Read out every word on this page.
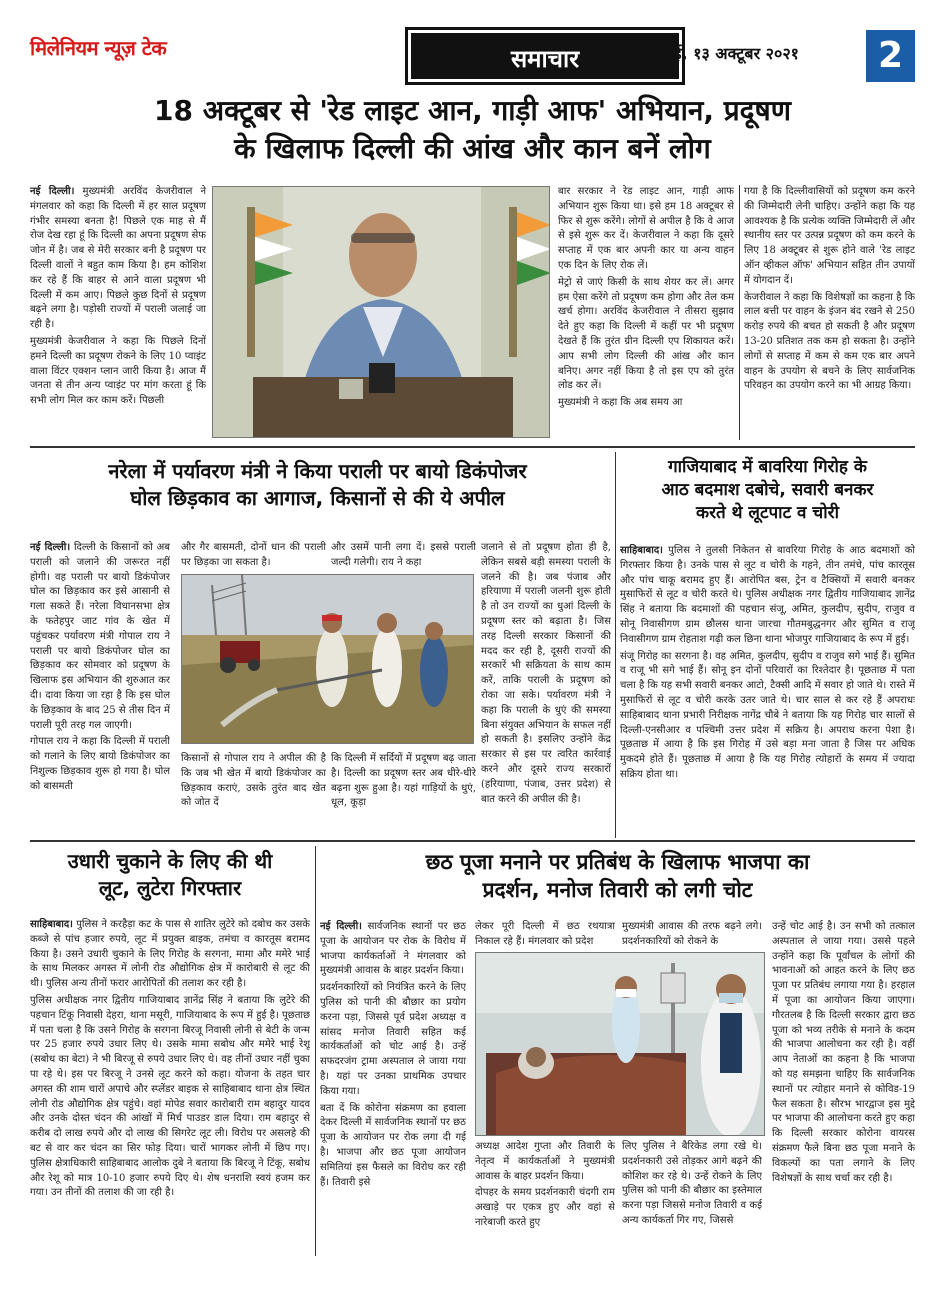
मिलेनियम न्यूज़ टेक	समाचार	मुंबई, १३ अक्टूबर २०२१	2
18 अक्टूबर से 'रेड लाइट आन, गाड़ी आफ' अभियान, प्रदूषण
के खिलाफ दिल्ली की आंख और कान बनें लोग

नई दिल्ली। मुख्यमंत्री अरविंद केजरीवाल ने मंगलवार को कहा कि दिल्ली में हर साल प्रदूषण गंभीर समस्या बनता है! पिछले एक माह से मैं रोज देख रहा हूं कि दिल्ली का अपना प्रदूषण सेफ जोन में है। जब से मेरी सरकार बनी है प्रदूषण पर दिल्ली वालों ने बहुत काम किया है। हम कोशिश कर रहे हैं कि बाहर से आने वाला प्रदूषण भी दिल्ली में कम आए। पिछले कुछ दिनों से प्रदूषण बढ़ने लगा है। पड़ोसी राज्यों में पराली जलाई जा रही है।

मुख्यमंत्री केजरीवाल ने कहा कि पिछले दिनों हमने दिल्ली का प्रदूषण रोकने के लिए 10 प्वाइंट वाला विंटर एक्शन प्लान जारी किया है। आज मैं जनता से तीन अन्य प्वाइंट पर मांग करता हूं कि सभी लोग मिल कर काम करें। पिछली

बार सरकार ने रेड लाइट आन, गाड़ी आफ अभियान शुरू किया था। इसे हम 18 अक्टूबर से फिर से शुरू करेंगे। लोगों से अपील है कि वे आज से इसे शुरू कर दें। केजरीवाल ने कहा कि दूसरे सप्ताह में एक बार अपनी कार या अन्य वाहन एक दिन के लिए रोक लें।

मेट्रो से जाएं किसी के साथ शेयर कर लें। अगर हम ऐसा करेंगे तो प्रदूषण कम होगा और तेल कम खर्च होगा। अरविंद केजरीवाल ने तीसरा सुझाव देते हुए कहा कि दिल्ली में कहीं पर भी प्रदूषण देखते हैं कि तुरंत ग्रीन दिल्ली एप शिकायत करें। आप सभी लोग दिल्ली की आंख और कान बनिए। अगर नहीं किया है तो इस एप को तुरंत लोड कर लें।

मुख्यमंत्री ने कहा कि अब समय आ

गया है कि दिल्लीवासियों को प्रदूषण कम करने की जिम्मेदारी लेनी चाहिए। उन्होंने कहा कि यह आवश्यक है कि प्रत्येक व्यक्ति जिम्मेदारी लें और स्थानीय स्तर पर उत्पन्न प्रदूषण को कम करने के लिए 18 अक्टूबर से शुरू होने वाले 'रेड लाइट ऑन व्हीकल ऑफ' अभियान सहित तीन उपायों में योगदान दें।

केजरीवाल ने कहा कि विशेषज्ञों का कहना है कि लाल बत्ती पर वाहन के इंजन बंद रखने से 250 करोड़ रुपये की बचत हो सकती है और प्रदूषण 13-20 प्रतिशत तक कम हो सकता है। उन्होंने लोगों से सप्ताह में कम से कम एक बार अपने वाहन के उपयोग से बचने के लिए सार्वजनिक परिवहन का उपयोग करने का भी आग्रह किया।

नरेला में पर्यावरण मंत्री ने किया पराली पर बायो डिकंपोजर
घोल छिड़काव का आगाज, किसानों से की ये अपील

नई दिल्ली। दिल्ली के किसानों को अब पराली को जलाने की जरूरत नहीं होगी। वह पराली पर बायो डिकंपोजर घोल का छिड़काव कर इसे आसानी से गला सकते हैं। नरेला विधानसभा क्षेत्र के फतेहपुर जाट गांव के खेत में पहुंचकर पर्यावरण मंत्री गोपाल राय ने पराली पर बायो डिकंपोजर घोल का छिड़काव कर सोमवार को प्रदूषण के खिलाफ इस अभियान की शुरुआत कर दी। दावा किया जा रहा है कि इस घोल के छिड़काव के बाद 25 से तीस दिन में पराली पूरी तरह गल जाएगी।

गोपाल राय ने कहा कि दिल्ली में पराली को गलाने के लिए बायो डिकंपोजर का निशुल्क छिड़काव शुरू हो गया है। घोल को बासमती

और गैर बासमती, दोनों धान की पराली पर छिड़का जा सकता है।
और उसमें पानी लगा दें। इससे पराली जल्दी गलेगी। राय ने कहा
किसानों से गोपाल राय ने अपील की है कि जब भी खेत में बायो डिकंपोजर का छिड़काव कराएं, उसके तुरंत बाद खेत को जोत दें
कि दिल्ली में सर्दियों में प्रदूषण बढ़ जाता है। दिल्ली का प्रदूषण स्तर अब धीरे-धीरे बढ़ना शुरू हुआ है। यहां गाड़ियों के धुएं, धूल, कूड़ा
जलाने से तो प्रदूषण होता ही है, लेकिन सबसे बड़ी समस्या पराली के जलने की है। जब पंजाब और हरियाणा में पराली जलनी शुरू होती है तो उन राज्यों का धुआं दिल्ली के प्रदूषण स्तर को बढ़ाता है। जिस तरह दिल्ली सरकार किसानों की मदद कर रही है, दूसरी राज्यों की सरकारें भी सक्रियता के साथ काम करें, ताकि पराली के प्रदूषण को रोका जा सके। पर्यावरण मंत्री ने कहा कि पराली के धुएं की समस्या बिना संयुक्त अभियान के सफल नहीं हो सकती है। इसलिए उन्होंने केंद्र सरकार से इस पर त्वरित कार्रवाई करने और दूसरे राज्य सरकारों (हरियाणा, पंजाब, उत्तर प्रदेश) से बात करने की अपील की है।
गाजियाबाद में बावरिया गिरोह के
आठ बदमाश दबोचे, सवारी बनकर
करते थे लूटपाट व चोरी

साहिबाबाद। पुलिस ने तुलसी निकेतन से बावरिया गिरोह के आठ बदमाशों को गिरफ्तार किया है। उनके पास से लूट व चोरी के गहने, तीन तमंचे, पांच कारतूस और पांच चाकू बरामद हुए हैं। आरोपित बस, ट्रेन व टैक्सियों में सवारी बनकर मुसाफिरों से लूट व चोरी करते थे। पुलिस अधीक्षक नगर द्वितीय गाजियाबाद ज्ञानेंद्र सिंह ने बताया कि बदमाशों की पहचान संजू, अमित, कुलदीप, सुदीप, राजुव व सोनू निवासीगण ग्राम छौलस थाना जारचा गौतमबुद्धनगर और सुमित व राजू निवासीगण ग्राम रोहताश गढ़ी कल छिना थाना भोजपुर गाजियाबाद के रूप में हुई।

संजू गिरोह का सरगना है। वह अमित, कुलदीप, सुदीप व राजुव सगे भाई हैं। सुमित व राजू भी सगे भाई हैं। सोनू इन दोनों परिवारों का रिश्तेदार है। पूछताछ में पता चला है कि यह सभी सवारी बनकर आटो, टैक्सी आदि में सवार हो जाते थे। रास्ते में मुसाफिरों से लूट व चोरी करके उतर जाते थे। चार साल से कर रहे हैं अपराधः साहिबाबाद थाना प्रभारी निरीक्षक नागेंद्र चौबे ने बताया कि यह गिरोह चार सालों से दिल्ली-एनसीआर व पश्चिमी उत्तर प्रदेश में सक्रिय है। अपराध करना पेशा है। पूछताछ में आया है कि इस गिरोह में उसे बड़ा मना जाता है जिस पर अधिक मुकदमे होते हैं। पूछताछ में आया है कि यह गिरोह त्योहारों के समय में ज्यादा सक्रिय होता था।

उधारी चुकाने के लिए की थी
लूट, लुटेरा गिरफ्तार

साहिबाबाद। पुलिस ने करहैड़ा कट के पास से शातिर लुटेरे को दबोच कर उसके कब्जे से पांच हजार रुपये, लूट में प्रयुक्त बाइक, तमंचा व कारतूस बरामद किया है। उसने उधारी चुकाने के लिए गिरोह के सरगना, मामा और ममेरे भाई के साथ मिलकर अगस्त में लोनी रोड औद्योगिक क्षेत्र में कारोबारी से लूट की थी। पुलिस अन्य तीनों फरार आरोपितों की तलाश कर रही है।

पुलिस अधीक्षक नगर द्वितीय गाजियाबाद ज्ञानेंद्र सिंह ने बताया कि लुटेरे की पहचान टिंकू निवासी देहरा, थाना मसूरी, गाजियाबाद के रूप में हुई है। पूछताछ में पता चला है कि उसने गिरोह के सरगना बिरजू निवासी लोनी से बेटी के जन्म पर 25 हजार रुपये उधार लिए थे। उसके मामा सबोध और ममेरे भाई रेशू (सबोध का बेटा) ने भी बिरजू से रुपये उधार लिए थे। वह तीनों उधार नहीं चुका पा रहे थे। इस पर बिरजू ने उनसे लूट करने को कहा। योजना के तहत चार अगस्त की शाम चारों अपाचे और स्प्लेंडर बाइक से साहिबाबाद थाना क्षेत्र स्थित लोनी रोड औद्योगिक क्षेत्र पहुंचे। वहां मोपेड सवार कारोबारी राम बहादुर यादव और उनके दोस्त चंदन की आंखों में मिर्च पाउडर डाल दिया। राम बहादुर से करीब दो लाख रुपये और दो लाख की सिगरेट लूट ली। विरोध पर असलहे की बट से वार कर चंदन का सिर फोड़ दिया। चारों भागकर लोनी में छिप गए। पुलिस क्षेत्राधिकारी साहिबाबाद आलोक दुबे ने बताया कि बिरजू ने टिंकू, सबोध और रेशू को मात्र 10-10 हजार रुपये दिए थे। शेष धनराशि स्वयं हजम कर गया। उन तीनों की तलाश की जा रही है।

छठ पूजा मनाने पर प्रतिबंध के खिलाफ भाजपा का
प्रदर्शन, मनोज तिवारी को लगी चोट

नई दिल्ली। सार्वजनिक स्थानों पर छठ पूजा के आयोजन पर रोक के विरोध में भाजपा कार्यकर्ताओं ने मंगलवार को मुख्यमंत्री आवास के बाहर प्रदर्शन किया।

प्रदर्शनकारियों को नियंत्रित करने के लिए पुलिस को पानी की बौछार का प्रयोग करना पड़ा, जिससे पूर्व प्रदेश अध्यक्ष व सांसद मनोज तिवारी सहित कई कार्यकर्ताओं को चोट आई है। उन्हें सफदरजंग ट्रामा अस्पताल ले जाया गया है। यहां पर उनका प्राथमिक उपचार किया गया।

बता दें कि कोरोना संक्रमण का हवाला देकर दिल्ली में सार्वजनिक स्थानों पर छठ पूजा के आयोजन पर रोक लगा दी गई है। भाजपा और छठ पूजा आयोजन समितियां इस फैसले का विरोध कर रही हैं। तिवारी इसे

लेकर पूरी दिल्ली में छठ रथयात्रा निकाल रहे हैं। मंगलवार को प्रदेश
मुख्यमंत्री आवास की तरफ बढ़ने लगे। प्रदर्शनकारियों को रोकने के

अध्यक्ष आदेश गुप्ता और तिवारी के नेतृत्व में कार्यकर्ताओं ने मुख्यमंत्री आवास के बाहर प्रदर्शन किया।

दोपहर के समय प्रदर्शनकारी चंदगी राम अखाड़े पर एकत्र हुए और वहां से नारेबाजी करते हुए

लिए पुलिस ने बैरिकेड लगा रखे थे। प्रदर्शनकारी उसे तोड़कर आगे बढ़ने की कोशिश कर रहे थे। उन्हें रोकने के लिए पुलिस को पानी की बौछार का इस्तेमाल करना पड़ा जिससे मनोज तिवारी व कई अन्य कार्यकर्ता गिर गए, जिससे
उन्हें चोट आई है। उन सभी को तत्काल अस्पताल ले जाया गया। उससे पहले उन्होंने कहा कि पूर्वांचल के लोगों की भावनाओं को आहत करने के लिए छठ पूजा पर प्रतिबंध लगाया गया है। हरहाल में पूजा का आयोजन किया जाएगा। गौरतलब है कि दिल्ली सरकार द्वारा छठ पूजा को भव्य तरीके से मनाने के कदम की भाजपा आलोचना कर रही है। वहीं आप नेताओं का कहना है कि भाजपा को यह समझना चाहिए कि सार्वजनिक स्थानों पर त्योहार मनाने से कोविड-19 फैल सकता है। सौरभ भारद्वाज इस मुद्दे पर भाजपा की आलोचना करते हुए कहा कि दिल्ली सरकार कोरोना वायरस संक्रमण फैले बिना छठ पूजा मनाने के विकल्पों का पता लगाने के लिए विशेषज्ञों के साथ चर्चा कर रही है।
